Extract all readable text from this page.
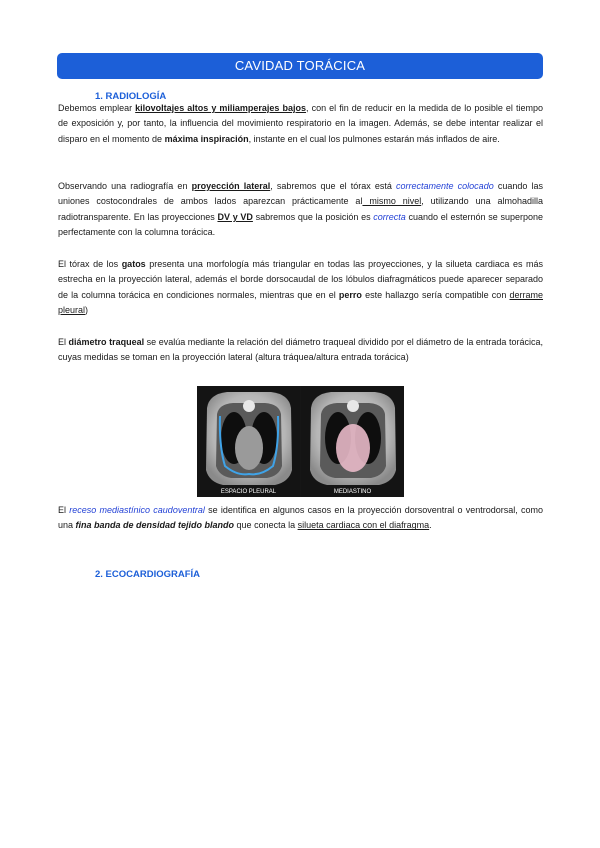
CAVIDAD TORÁCICA
1. RADIOLOGÍA

Debemos emplear kilovoltajes altos y miliamperajes bajos, con el fin de reducir en la medida de lo posible el tiempo de exposición y, por tanto, la influencia del movimiento respiratorio en la imagen. Además, se debe intentar realizar el disparo en el momento de máxima inspiración, instante en el cual los pulmones estarán más inflados de aire.

Observando una radiografía en proyección lateral, sabremos que el tórax está correctamente colocado cuando las uniones costocondrales de ambos lados aparezcan prácticamente al mismo nivel, utilizando una almohadilla radiotransparente. En las proyecciones DV y VD sabremos que la posición es correcta cuando el esternón se superpone perfectamente con la columna torácica.

El tórax de los gatos presenta una morfología más triangular en todas las proyecciones, y la silueta cardiaca es más estrecha en la proyección lateral, además el borde dorsocaudal de los lóbulos diafragmáticos puede aparecer separado de la columna torácica en condiciones normales, mientras que en el perro este hallazgo sería compatible con derrame pleural)

El diámetro traqueal se evalúa mediante la relación del diámetro traqueal dividido por el diámetro de la entrada torácica, cuyas medidas se toman en la proyección lateral (altura tráquea/altura entrada torácica)

ESPACIO PLEURAL	MEDIASTINO

El receso mediastínico caudoventral se identifica en algunos casos en la proyección dorsoventral o ventrodorsal, como una fina banda de densidad tejido blando que conecta la silueta cardiaca con el diafragma.

2. ECOCARDIOGRAFÍA
